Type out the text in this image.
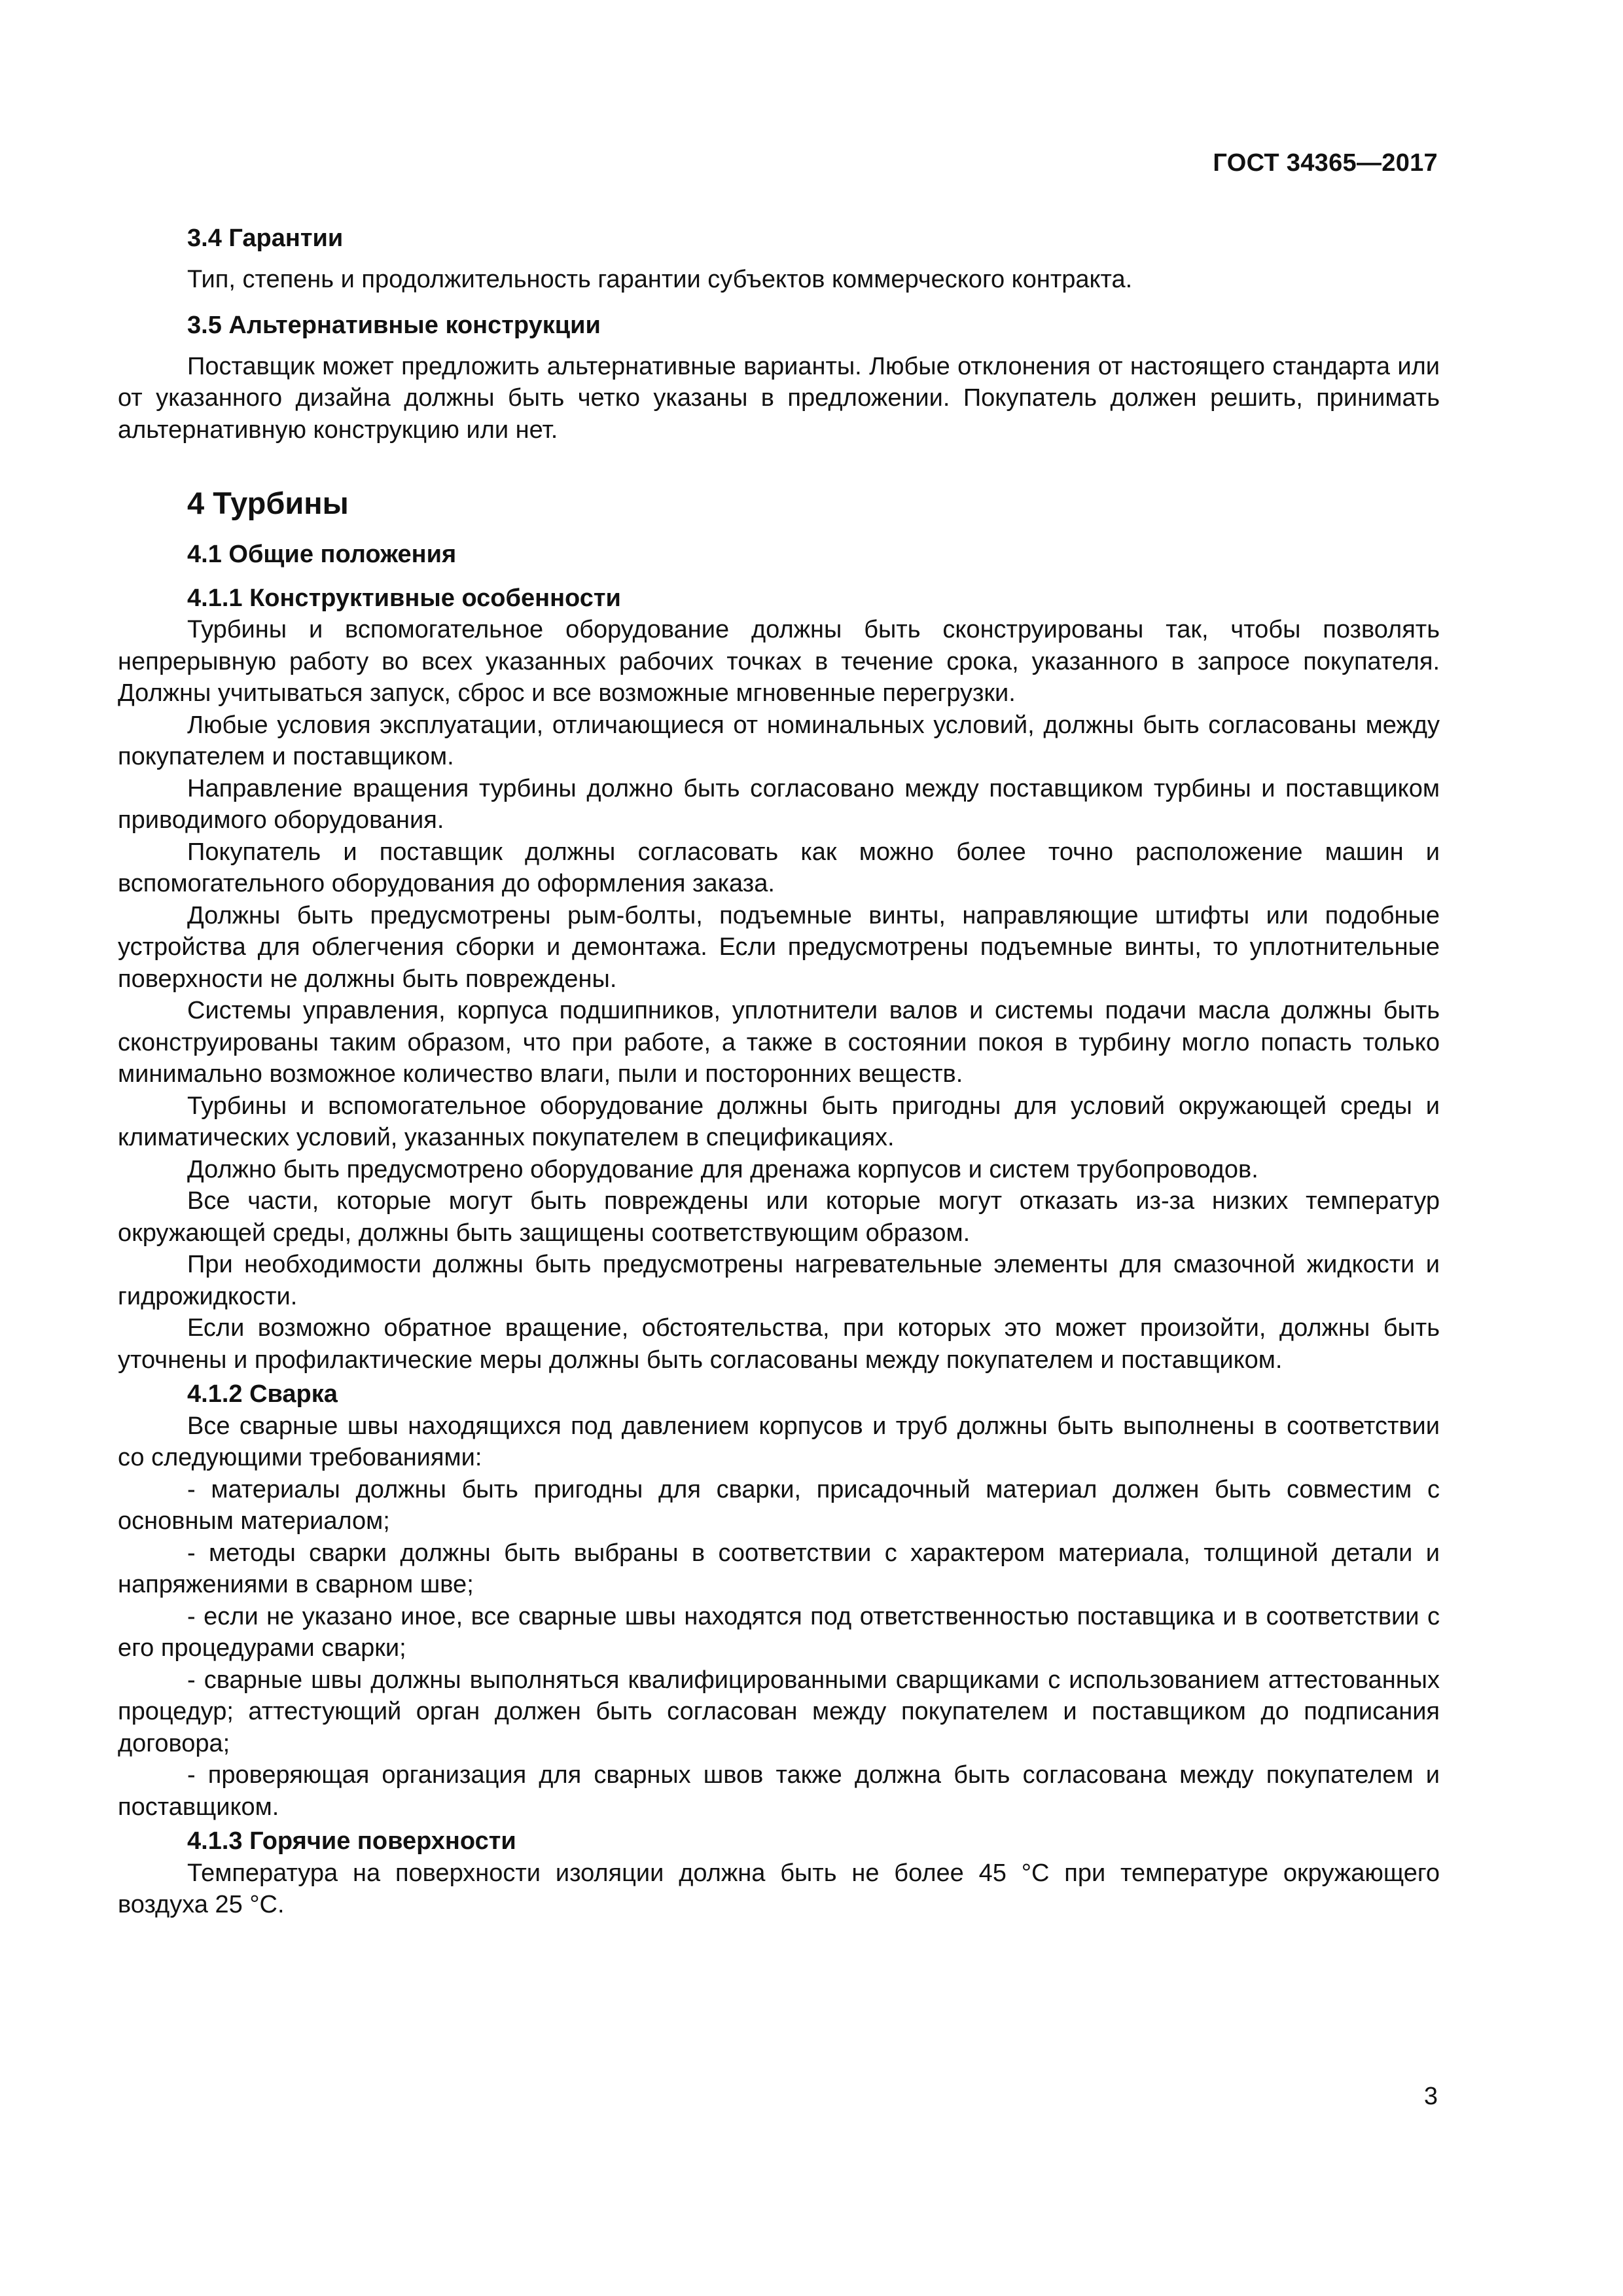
ГОСТ 34365—2017
3.4 Гарантии

Тип, степень и продолжительность гарантии субъектов коммерческого контракта.

3.5 Альтернативные конструкции

Поставщик может предложить альтернативные варианты. Любые отклонения от настоящего стандарта или от указанного дизайна должны быть четко указаны в предложении. Покупатель должен решить, принимать альтернативную конструкцию или нет.

4 Турбины
4.1 Общие положения
4.1.1 Конструктивные особенности

Турбины и вспомогательное оборудование должны быть сконструированы так, чтобы позволять непрерывную работу во всех указанных рабочих точках в течение срока, указанного в запросе покупателя. Должны учитываться запуск, сброс и все возможные мгновенные перегрузки.

Любые условия эксплуатации, отличающиеся от номинальных условий, должны быть согласованы между покупателем и поставщиком.

Направление вращения турбины должно быть согласовано между поставщиком турбины и поставщиком приводимого оборудования.

Покупатель и поставщик должны согласовать как можно более точно расположение машин и вспомогательного оборудования до оформления заказа.

Должны быть предусмотрены рым-болты, подъемные винты, направляющие штифты или подобные устройства для облегчения сборки и демонтажа. Если предусмотрены подъемные винты, то уплотнительные поверхности не должны быть повреждены.

Системы управления, корпуса подшипников, уплотнители валов и системы подачи масла должны быть сконструированы таким образом, что при работе, а также в состоянии покоя в турбину могло попасть только минимально возможное количество влаги, пыли и посторонних веществ.

Турбины и вспомогательное оборудование должны быть пригодны для условий окружающей среды и климатических условий, указанных покупателем в спецификациях.

Должно быть предусмотрено оборудование для дренажа корпусов и систем трубопроводов.

Все части, которые могут быть повреждены или которые могут отказать из-за низких температур окружающей среды, должны быть защищены соответствующим образом.

При необходимости должны быть предусмотрены нагревательные элементы для смазочной жидкости и гидрожидкости.

Если возможно обратное вращение, обстоятельства, при которых это может произойти, должны быть уточнены и профилактические меры должны быть согласованы между покупателем и поставщиком.

4.1.2 Сварка

Все сварные швы находящихся под давлением корпусов и труб должны быть выполнены в соответствии со следующими требованиями:

- материалы должны быть пригодны для сварки, присадочный материал должен быть совместим с основным материалом;

- методы сварки должны быть выбраны в соответствии с характером материала, толщиной детали и напряжениями в сварном шве;

- если не указано иное, все сварные швы находятся под ответственностью поставщика и в соответствии с его процедурами сварки;

- сварные швы должны выполняться квалифицированными сварщиками с использованием аттестованных процедур; аттестующий орган должен быть согласован между покупателем и поставщиком до подписания договора;

- проверяющая организация для сварных швов также должна быть согласована между покупателем и поставщиком.

4.1.3 Горячие поверхности

Температура на поверхности изоляции должна быть не более 45 °C при температуре окружающего воздуха 25 °C.

3
